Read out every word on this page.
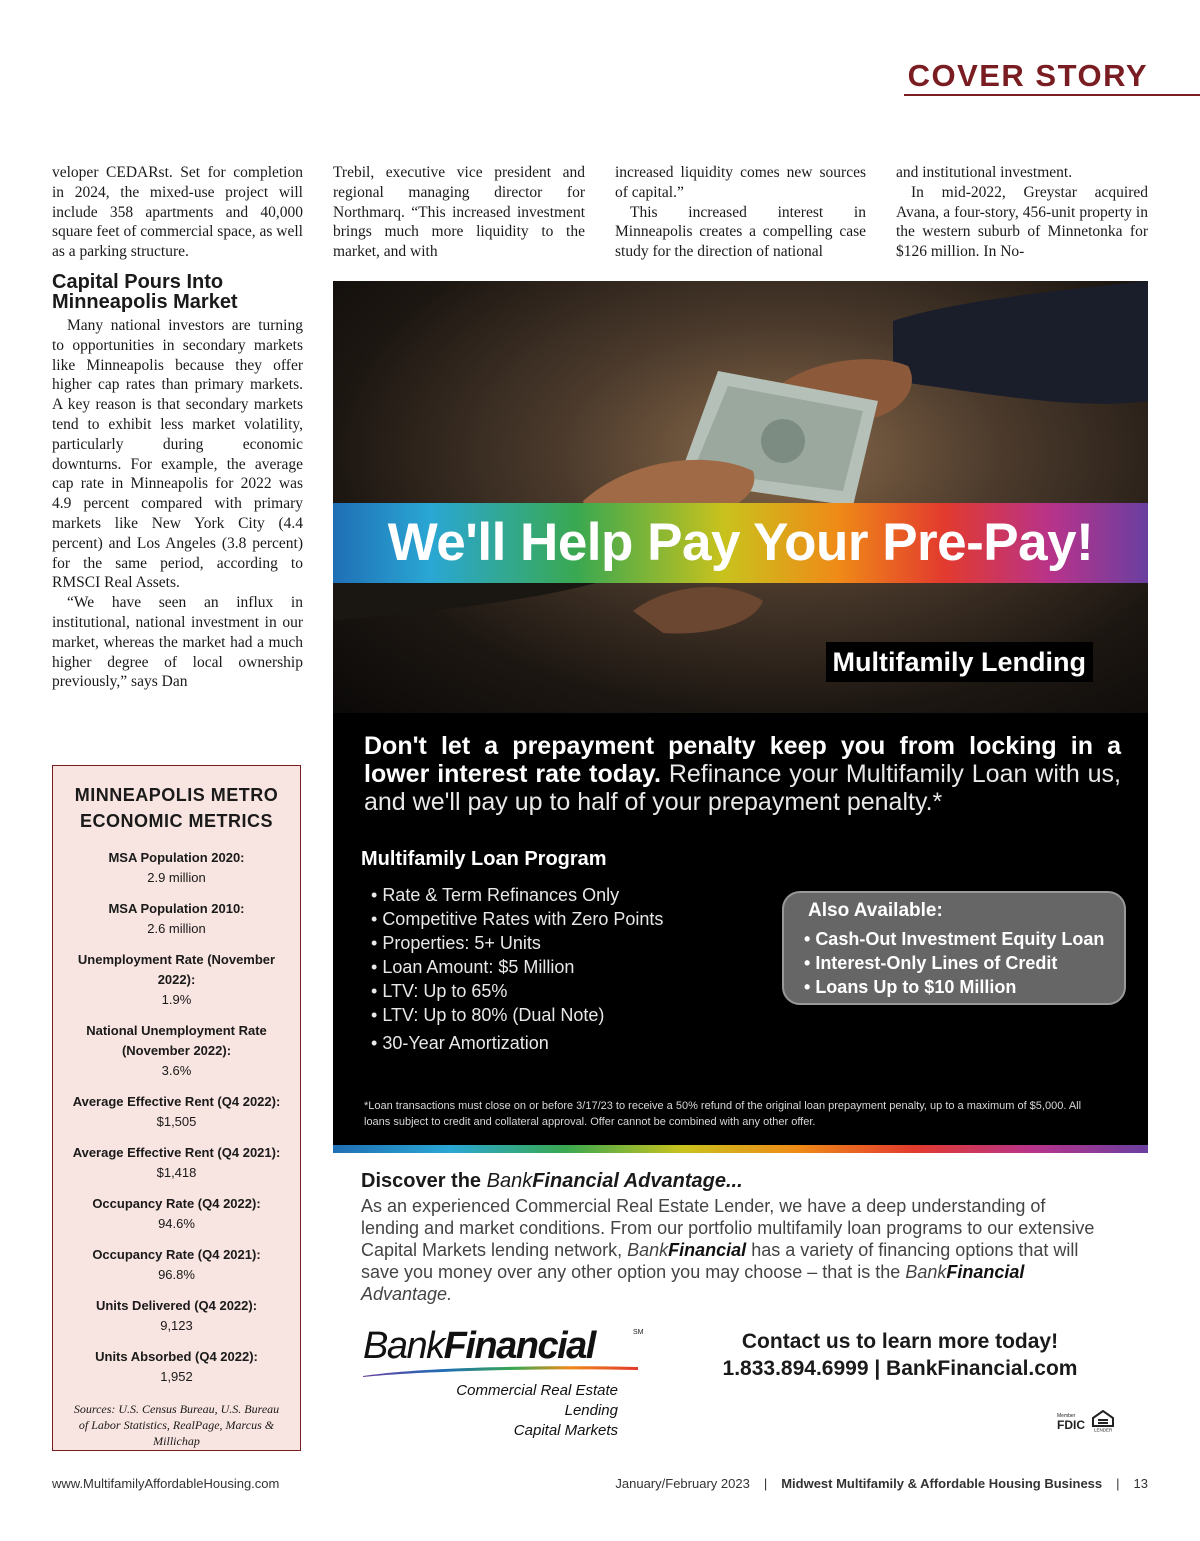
COVER STORY

veloper CEDARst. Set for completion in 2024, the mixed-use project will include 358 apartments and 40,000 square feet of commercial space, as well as a parking structure.

Capital Pours Into Minneapolis Market

Many national investors are turning to opportunities in secondary markets like Minneapolis because they offer higher cap rates than primary markets. A key reason is that secondary markets tend to exhibit less market volatility, particularly during economic downturns. For example, the average cap rate in Minneapolis for 2022 was 4.9 percent compared with primary markets like New York City (4.4 percent) and Los Angeles (3.8 percent) for the same period, according to RMSCI Real Assets.

“We have seen an influx in institutional, national investment in our market, whereas the market had a much higher degree of local ownership previously,” says Dan

Trebil, executive vice president and regional managing director for Northmarq. “This increased investment brings much more liquidity to the market, and with

increased liquidity comes new sources of capital.”

This increased interest in Minneapolis creates a compelling case study for the direction of national

and institutional investment.

In mid-2022, Greystar acquired Avana, a four-story, 456-unit property in the western suburb of Minnetonka for $126 million. In No-

MINNEAPOLIS METRO ECONOMIC METRICS
MSA Population 2020:
2.9 million
MSA Population 2010:
2.6 million
Unemployment Rate (November 2022):
1.9%
National Unemployment Rate (November 2022):
3.6%
Average Effective Rent (Q4 2022):
$1,505
Average Effective Rent (Q4 2021):
$1,418
Occupancy Rate (Q4 2022):
94.6%
Occupancy Rate (Q4 2021):
96.8%
Units Delivered (Q4 2022):
9,123
Units Absorbed (Q4 2022):
1,952
Sources: U.S. Census Bureau, U.S. Bureau of Labor Statistics, RealPage, Marcus & Millichap
We'll Help Pay Your Pre-Pay!
Multifamily Lending
Don't let a prepayment penalty keep you from locking in a lower interest rate today. Refinance your Multifamily Loan with us, and we'll pay up to half of your prepayment penalty.*
Multifamily Loan Program
• Rate & Term Refinances Only
• Competitive Rates with Zero Points
• Properties: 5+ Units
• Loan Amount: $5 Million
• LTV: Up to 65%
• LTV: Up to 80% (Dual Note)
• 30-Year Amortization
Also Available:
• Cash-Out Investment Equity Loan
• Interest-Only Lines of Credit
• Loans Up to $10 Million
*Loan transactions must close on or before 3/17/23 to receive a 50% refund of the original loan prepayment penalty, up to a maximum of $5,000. All loans subject to credit and collateral approval. Offer cannot be combined with any other offer.
Discover the BankFinancial Advantage...

As an experienced Commercial Real Estate Lender, we have a deep understanding of lending and market conditions. From our portfolio multifamily loan programs to our extensive Capital Markets lending network, BankFinancial has a variety of financing options that will save you money over any other option you may choose – that is the BankFinancial Advantage.

BankFinancial	SM
Commercial Real Estate Lending
Capital Markets
Contact us to learn more today!
1.833.894.6999 | BankFinancial.com
Member
FDIC LENDER
www.MultifamilyAffordableHousing.com	January/February 2023 | Midwest Multifamily & Affordable Housing Business | 13
